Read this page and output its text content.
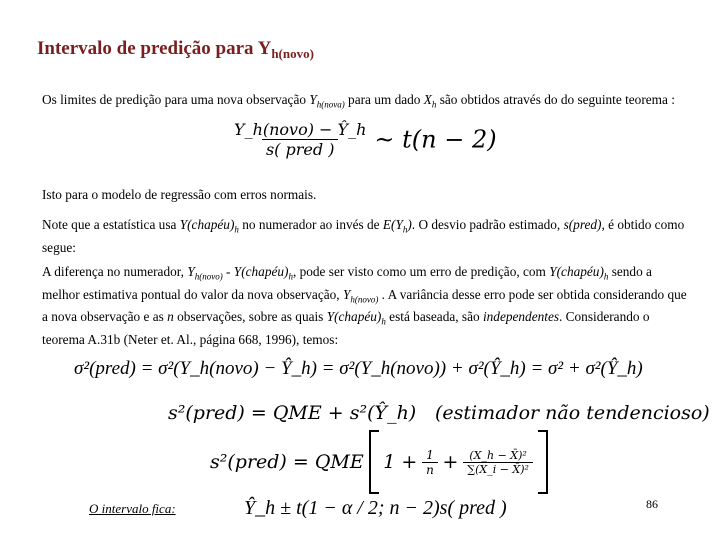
Intervalo de predição para $Y_{h(novo)}$
Os limites de predição para uma nova observação $Y_{h(nova)}$ para um dado $X_h$ são obtidos através do do seguinte teorema :
$\frac{\text{Y\_h(novo) − Ŷ\_h}}{\text{s( pred )}}$ ~ t(n − 2)
Isto para o modelo de regressão com erros normais.
Note que a estatística usa $Y(chapéu)_h$ no numerador ao invés de $E(Y_h)$. O desvio padrão estimado, s(pred), é obtido como segue:
A diferença no numerador, $Y_{h(novo)}$ - $Y(chapéu)_h$, pode ser visto como um erro de predição, com $Y(chapéu)_h$ sendo a melhor estimativa pontual do valor da nova observação, $Y_{h(novo)}$ . A variância desse erro pode ser obtida considerando que a nova observação e as n observações, sobre as quais $Y(chapéu)_h$ está baseada, são independentes. Considerando o teorema A.31b (Neter et. Al., página 668, 1996), temos:
σ²(pred) = σ²(Y_h(novo) − Ŷ_h) = σ²(Y_h(novo)) + σ²(Ŷ_h) = σ² + σ²(Ŷ_h)
s²(pred) = QME + s²(Ŷ_h) (estimador não tendencioso)
s²(pred) = QME $1 + \frac{1}{n} + \frac{\text{(X\_h − X̄)²}}{\text{∑(X\_i − X̄)²}}$

O intervalo fica:	Ŷ_h ± t(1 − α / 2; n − 2)s( pred )	86
